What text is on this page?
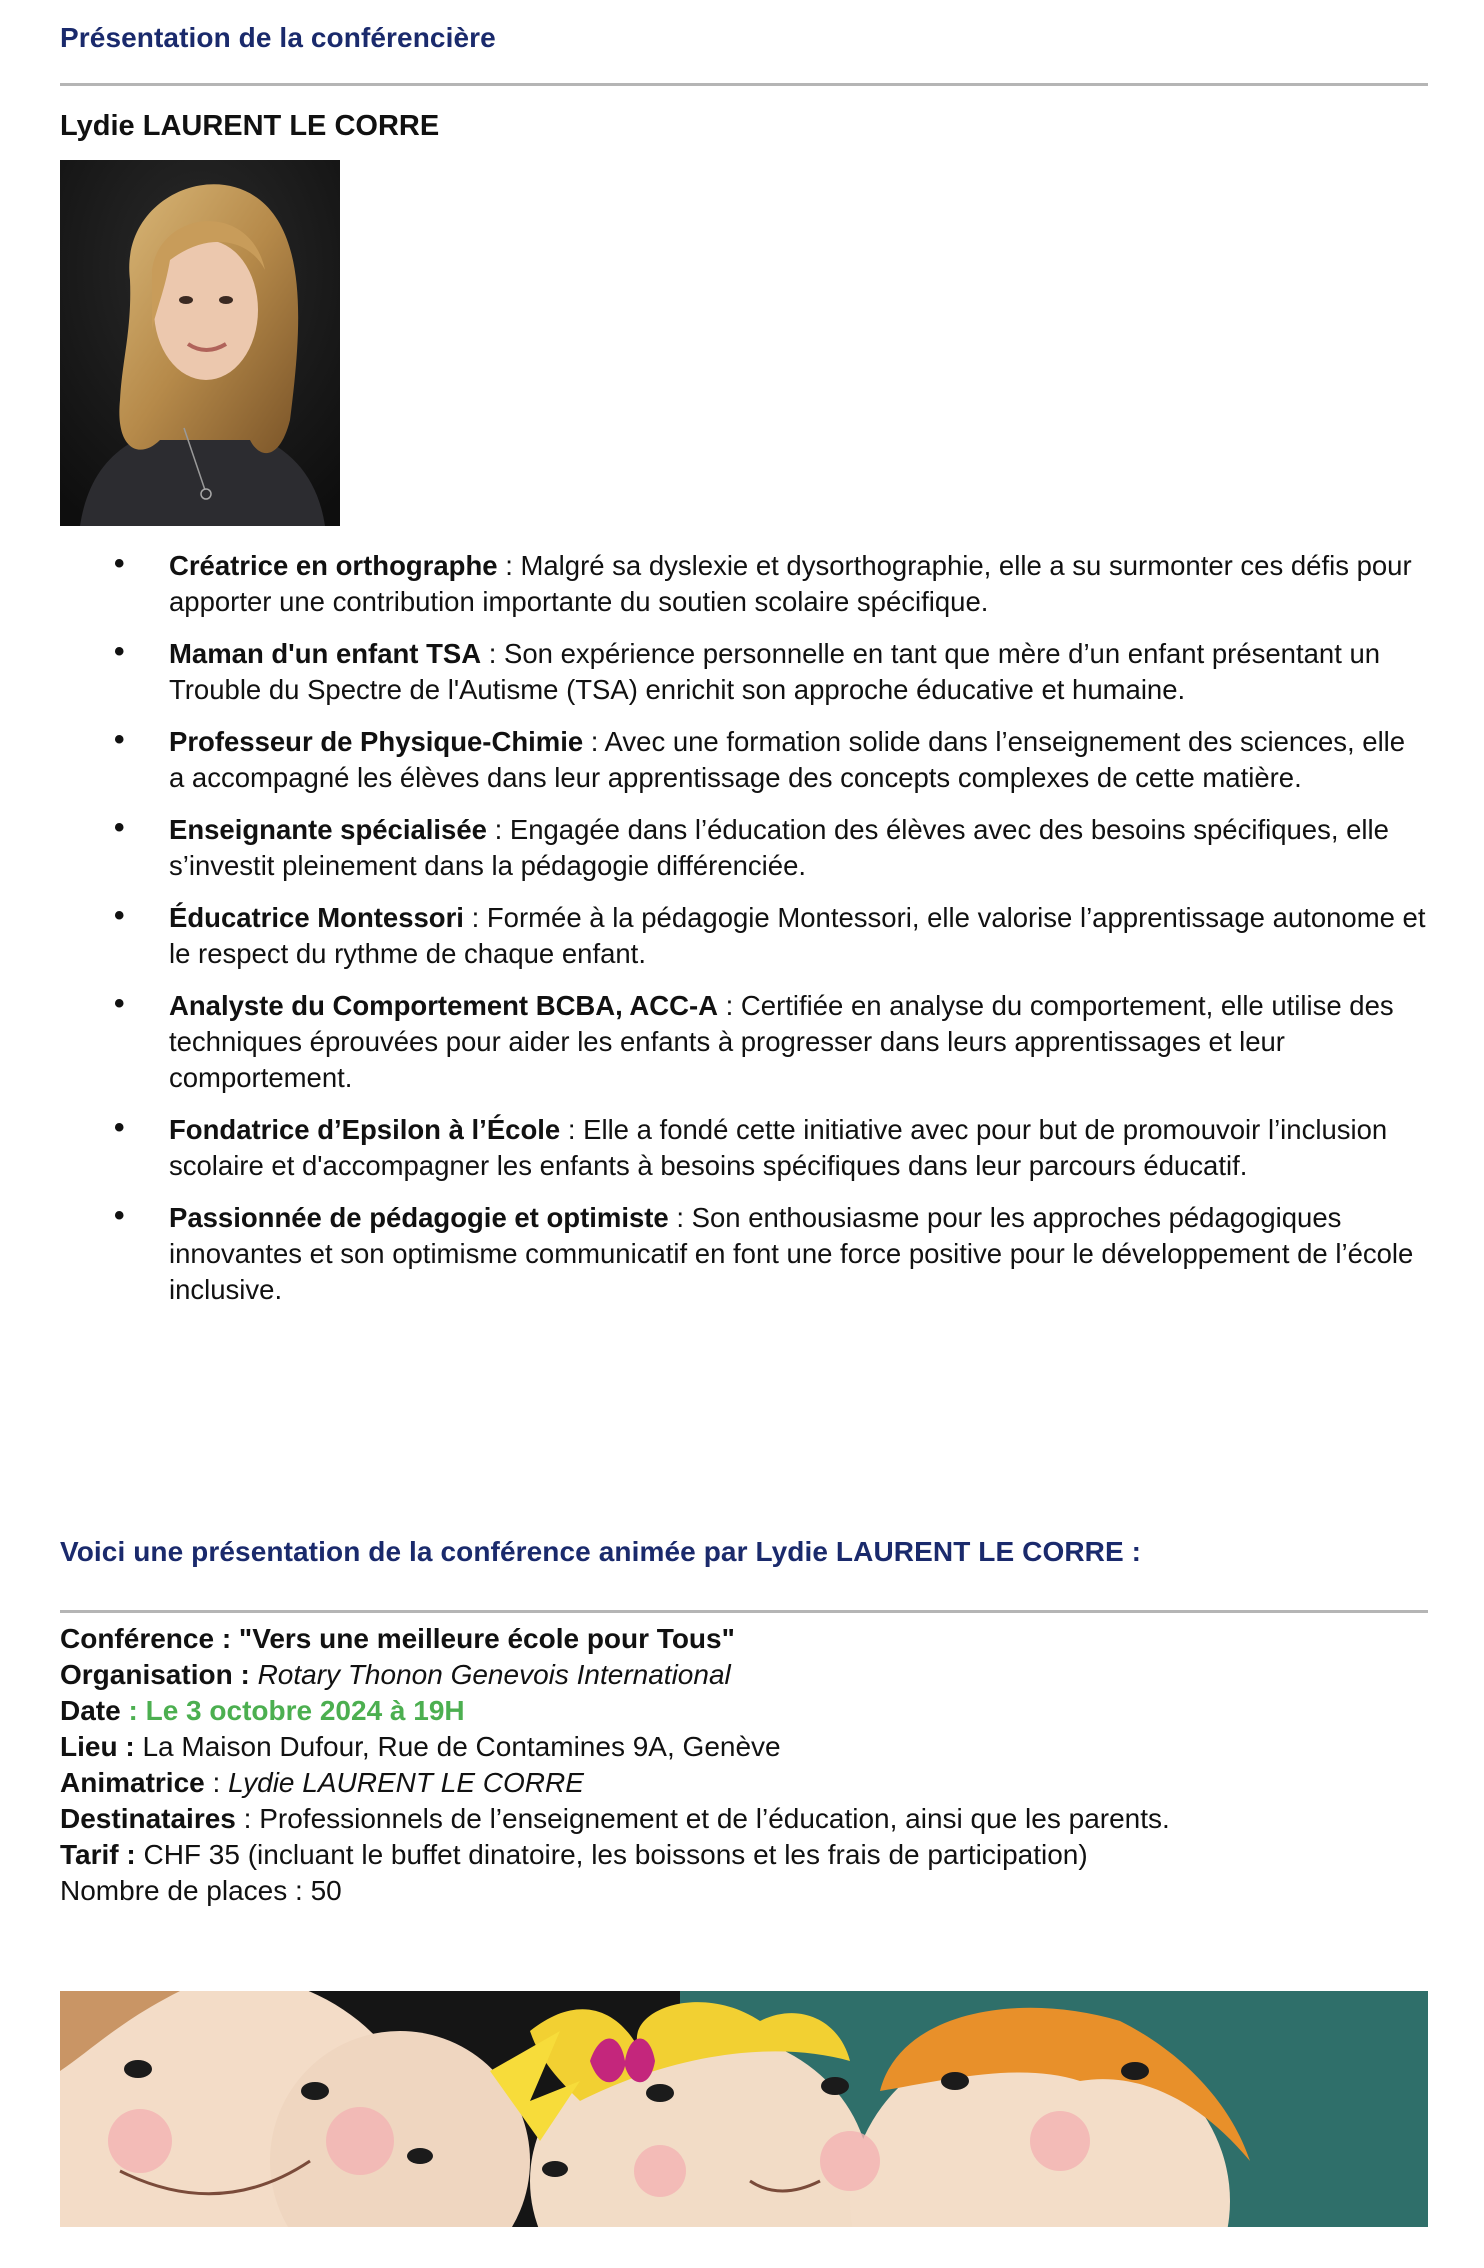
Présentation de la conférencière
Lydie LAURENT LE CORRE
• Créatrice en orthographe : Malgré sa dyslexie et dysorthographie, elle a su surmonter ces défis pour apporter une contribution importante du soutien scolaire spécifique.
• Maman d'un enfant TSA : Son expérience personnelle en tant que mère d’un enfant présentant un Trouble du Spectre de l'Autisme (TSA) enrichit son approche éducative et humaine.
• Professeur de Physique-Chimie : Avec une formation solide dans l’enseignement des sciences, elle a accompagné les élèves dans leur apprentissage des concepts complexes de cette matière.
• Enseignante spécialisée : Engagée dans l’éducation des élèves avec des besoins spécifiques, elle s’investit pleinement dans la pédagogie différenciée.
• Éducatrice Montessori : Formée à la pédagogie Montessori, elle valorise l’apprentissage autonome et le respect du rythme de chaque enfant.
• Analyste du Comportement BCBA, ACC-A : Certifiée en analyse du comportement, elle utilise des techniques éprouvées pour aider les enfants à progresser dans leurs apprentissages et leur comportement.
• Fondatrice d’Epsilon à l’École : Elle a fondé cette initiative avec pour but de promouvoir l’inclusion scolaire et d'accompagner les enfants à besoins spécifiques dans leur parcours éducatif.
• Passionnée de pédagogie et optimiste : Son enthousiasme pour les approches pédagogiques innovantes et son optimisme communicatif en font une force positive pour le développement de l’école inclusive.
Voici une présentation de la conférence animée par Lydie LAURENT LE CORRE :
Conférence : "Vers une meilleure école pour Tous"
Organisation : Rotary Thonon Genevois International
Date : Le 3 octobre 2024 à 19H
Lieu : La Maison Dufour, Rue de Contamines 9A, Genève
Animatrice : Lydie LAURENT LE CORRE
Destinataires : Professionnels de l’enseignement et de l’éducation, ainsi que les parents.
Tarif : CHF 35 (incluant le buffet dinatoire, les boissons et les frais de participation)
Nombre de places : 50
